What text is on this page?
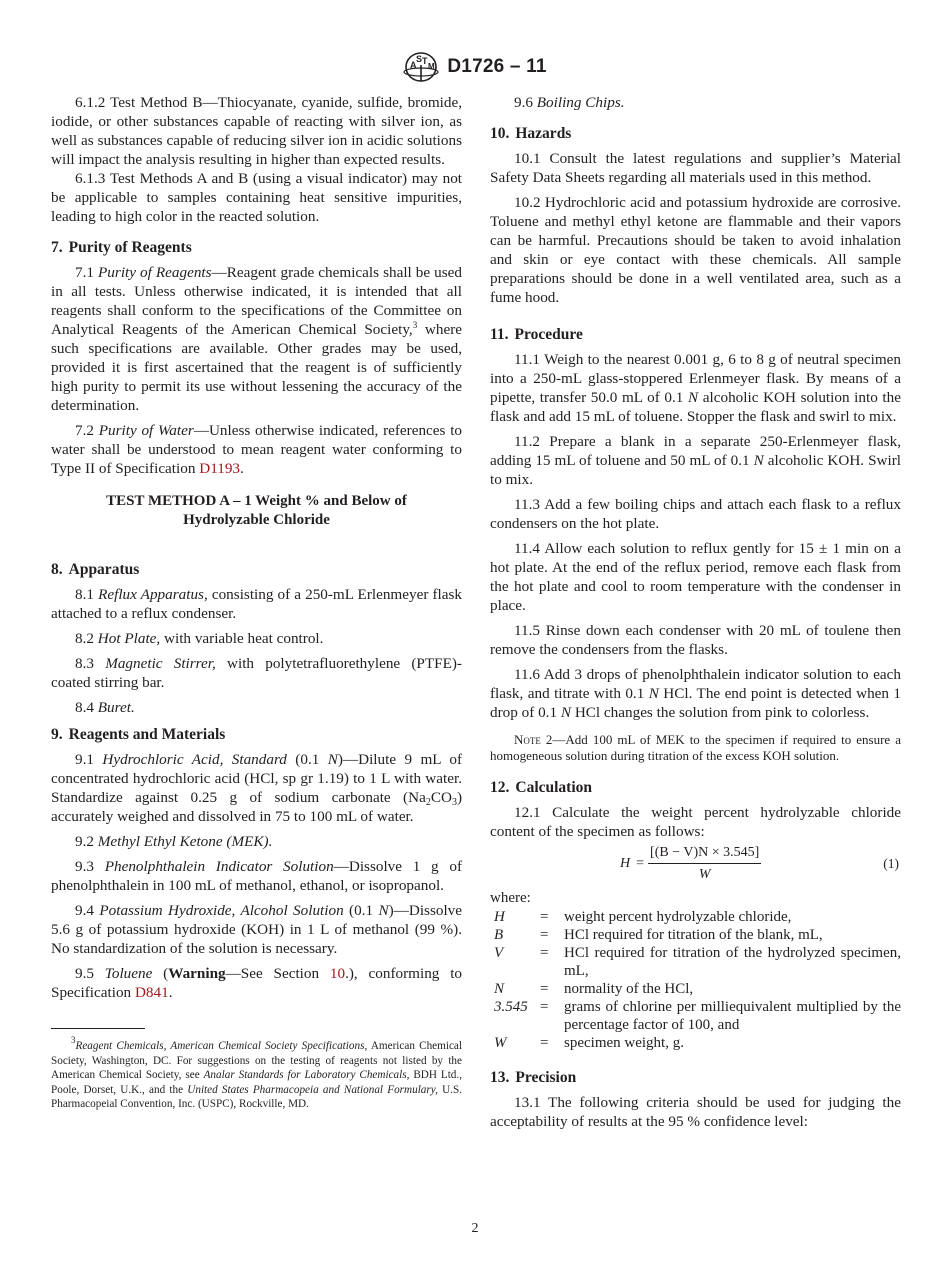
A
S T
M D1726 – 11

6.1.2 Test Method B—Thiocyanate, cyanide, sulfide, bromide, iodide, or other substances capable of reacting with silver ion, as well as substances capable of reducing silver ion in acidic solutions will impact the analysis resulting in higher than expected results.

6.1.3 Test Methods A and B (using a visual indicator) may not be applicable to samples containing heat sensitive impurities, leading to high color in the reacted solution.

7. Purity of Reagents

7.1 Purity of Reagents—Reagent grade chemicals shall be used in all tests. Unless otherwise indicated, it is intended that all reagents shall conform to the specifications of the Committee on Analytical Reagents of the American Chemical Society,$^3$ where such specifications are available. Other grades may be used, provided it is first ascertained that the reagent is of sufficiently high purity to permit its use without lessening the accuracy of the determination.

7.2 Purity of Water—Unless otherwise indicated, references to water shall be understood to mean reagent water conforming to Type II of Specification D1193.

TEST METHOD A – 1 Weight % and Below of
Hydrolyzable Chloride
8. Apparatus

8.1 Reflux Apparatus, consisting of a 250-mL Erlenmeyer flask attached to a reflux condenser.

8.2 Hot Plate, with variable heat control.

8.3 Magnetic Stirrer, with polytetrafluorethylene (PTFE)-coated stirring bar.

8.4 Buret.

9. Reagents and Materials

9.1 Hydrochloric Acid, Standard (0.1 N)—Dilute 9 mL of concentrated hydrochloric acid (HCl, sp gr 1.19) to 1 L with water. Standardize against 0.25 g of sodium carbonate $(Na_2CO_3)$ accurately weighed and dissolved in 75 to 100 mL of water.

9.2 Methyl Ethyl Ketone (MEK).

9.3 Phenolphthalein Indicator Solution—Dissolve 1 g of phenolphthalein in 100 mL of methanol, ethanol, or isopropanol.

9.4 Potassium Hydroxide, Alcohol Solution (0.1 N)—Dissolve 5.6 g of potassium hydroxide (KOH) in 1 L of methanol (99 %). No standardization of the solution is necessary.

9.5 Toluene (Warning—See Section 10.), conforming to Specification D841.

$^3$Reagent Chemicals, American Chemical Society Specifications, American Chemical Society, Washington, DC. For suggestions on the testing of reagents not listed by the American Chemical Society, see Analar Standards for Laboratory Chemicals, BDH Ltd., Poole, Dorset, U.K., and the United States Pharmacopeia and National Formulary, U.S. Pharmacopeial Convention, Inc. (USPC), Rockville, MD.

9.6 Boiling Chips.

10. Hazards

10.1 Consult the latest regulations and supplier’s Material Safety Data Sheets regarding all materials used in this method.

10.2 Hydrochloric acid and potassium hydroxide are corrosive. Toluene and methyl ethyl ketone are flammable and their vapors can be harmful. Precautions should be taken to avoid inhalation and skin or eye contact with these chemicals. All sample preparations should be done in a well ventilated area, such as a fume hood.

11. Procedure

11.1 Weigh to the nearest 0.001 g, 6 to 8 g of neutral specimen into a 250-mL glass-stoppered Erlenmeyer flask. By means of a pipette, transfer 50.0 mL of 0.1 N alcoholic KOH solution into the flask and add 15 mL of toluene. Stopper the flask and swirl to mix.

11.2 Prepare a blank in a separate 250-Erlenmeyer flask, adding 15 mL of toluene and 50 mL of 0.1 N alcoholic KOH. Swirl to mix.

11.3 Add a few boiling chips and attach each flask to a reflux condensers on the hot plate.

11.4 Allow each solution to reflux gently for 15 ± 1 min on a hot plate. At the end of the reflux period, remove each flask from the hot plate and cool to room temperature with the condenser in place.

11.5 Rinse down each condenser with 20 mL of toulene then remove the condensers from the flasks.

11.6 Add 3 drops of phenolphthalein indicator solution to each flask, and titrate with 0.1 N HCl. The end point is detected when 1 drop of 0.1 N HCl changes the solution from pink to colorless.

Note 2—Add 100 mL of MEK to the specimen if required to ensure a homogeneous solution during titration of the excess KOH solution.

12. Calculation

12.1 Calculate the weight percent hydrolyzable chloride content of the specimen as follows:

$H = \frac{[(B - V)N \times 3.545]}{W}$	(1)
where:
H	=	weight percent hydrolyzable chloride,
B	=	HCl required for titration of the blank, mL,
V	=	HCl required for titration of the hydrolyzed specimen, mL,
N	=	normality of the HCl,
3.545 =	grams of chlorine per milliequivalent multiplied by the percentage factor of 100, and
W	=	specimen weight, g.
13. Precision

13.1 The following criteria should be used for judging the acceptability of results at the 95 % confidence level:

2
